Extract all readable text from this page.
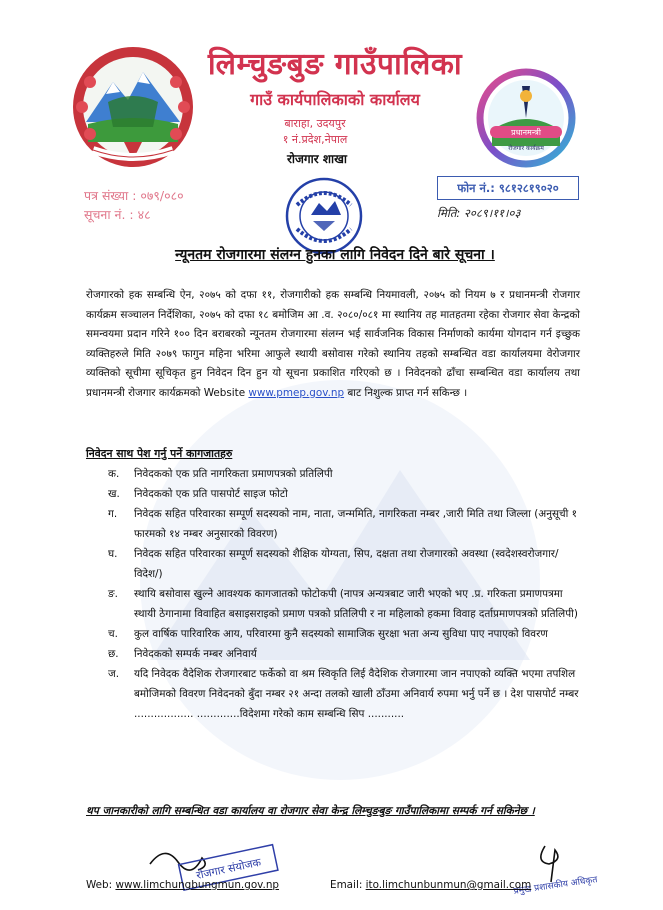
लिम्चुङबुङ गाउँपालिका
गाउँ कार्यपालिकाको कार्यालय
बाराहा, उदयपुर
१ नं.प्रदेश,नेपाल
रोजगार शाखा
प्रधानमन्त्री
रोजगार कार्यक्रम
पत्र संख्या : ०७९/०८०
सूचना नं. : ४८
फोन नं.: ९८१२८१९०२०
मिति: २०८९।११।०३
न्यूनतम रोजगारमा संलग्न हुनका लागि निवेदन दिने बारे सूचना ।
रोजगारको हक सम्बन्धि ऐन, २०७५ को दफा ११, रोजगारीको हक सम्बन्धि नियमावली, २०७५ को नियम ७ र प्रधानमन्त्री रोजगार कार्यक्रम सञ्चालन निर्देशिका, २०७५ को दफा १८ बमोजिम आ .व. २०८०/०८१ मा स्थानिय तह मातहतमा रहेका रोजगार सेवा केन्द्रको समन्वयमा प्रदान गरिने १०० दिन बराबरको न्यूनतम रोजगारमा संलग्न भई सार्वजनिक विकास निर्माणको कार्यमा योगदान गर्न इच्छुक व्यक्तिहरुले मिति २०७९ फागुन महिना भरिमा आफुले स्थायी बसोवास गरेको स्थानिय तहको सम्बन्धित वडा कार्यालयमा वेरोजगार व्यक्तिको सूचीमा सूचिकृत हुन निवेदन दिन हुन यो सूचना प्रकाशित गरिएको छ । निवेदनको ढाँचा सम्बन्धित वडा कार्यालय तथा प्रधानमन्त्री रोजगार कार्यक्रमको Website www.pmep.gov.np बाट निशुल्क प्राप्त गर्न सकिन्छ ।
निवेदन साथ पेश गर्नु पर्ने कागजातहरु
क.	निवेदकको एक प्रति नागरिकता प्रमाणपत्रको प्रतिलिपी
ख.	निवेदकको एक प्रति पासपोर्ट साइज फोटो
ग.	निवेदक सहित परिवारका सम्पूर्ण सदस्यको नाम, नाता, जन्ममिति, नागरिकता नम्बर ,जारी मिति तथा जिल्ला (अनुसूची १ फारमको १४ नम्बर अनुसारको विवरण)
घ.	निवेदक सहित परिवारका सम्पूर्ण सदस्यको शैक्षिक योग्यता, सिप, दक्षता तथा रोजगारको अवस्था (स्वदेशस्वरोजगार/विदेश/)
ङ.	स्थायि बसोवास खुल्ने आवश्यक कागजातको फोटोकपी (नापत्र अन्यत्रबाट जारी भएको भए .प्र. गरिकता प्रमाणपत्रमा स्थायी ठेगानामा विवाहित बसाइसराइको प्रमाण पत्रको प्रतिलिपी र ना महिलाको हकमा विवाह दर्ताप्रमाणपत्रको प्रतिलिपी)
च.	कुल वार्षिक पारिवारिक आय, परिवारमा कुनै सदस्यको सामाजिक सुरक्षा भता अन्य सुविधा पाए नपाएको विवरण
छ.	निवेदकको सम्पर्क नम्बर अनिवार्य
ज.	यदि निवेदक वैदेशिक रोजगारबाट फर्केको वा श्रम स्विकृति लिई वैदेशिक रोजगारमा जान नपाएको व्यक्ति भएमा तपशिल बमोजिमको विवरण निवेदनको बुँदा नम्बर २१ अन्दा तलको खाली ठाँउमा अनिवार्य रुपमा भर्नु पर्ने छ । देश पासपोर्ट नम्बर .................. .............विदेशमा गरेको काम सम्बन्धि सिप ...........
थप जानकारीको लागि सम्बन्धित वडा कार्यालय वा रोजगार सेवा केन्द्र लिम्चुङबुङ गाउँपालिकामा सम्पर्क गर्न सकिनेछ ।
रोजगार संयोजक
प्रमुख प्रशासकीय अधिकृत
Web: www.limchungbungmun.gov.np	Email: ito.limchunbunmun@gmail.com
